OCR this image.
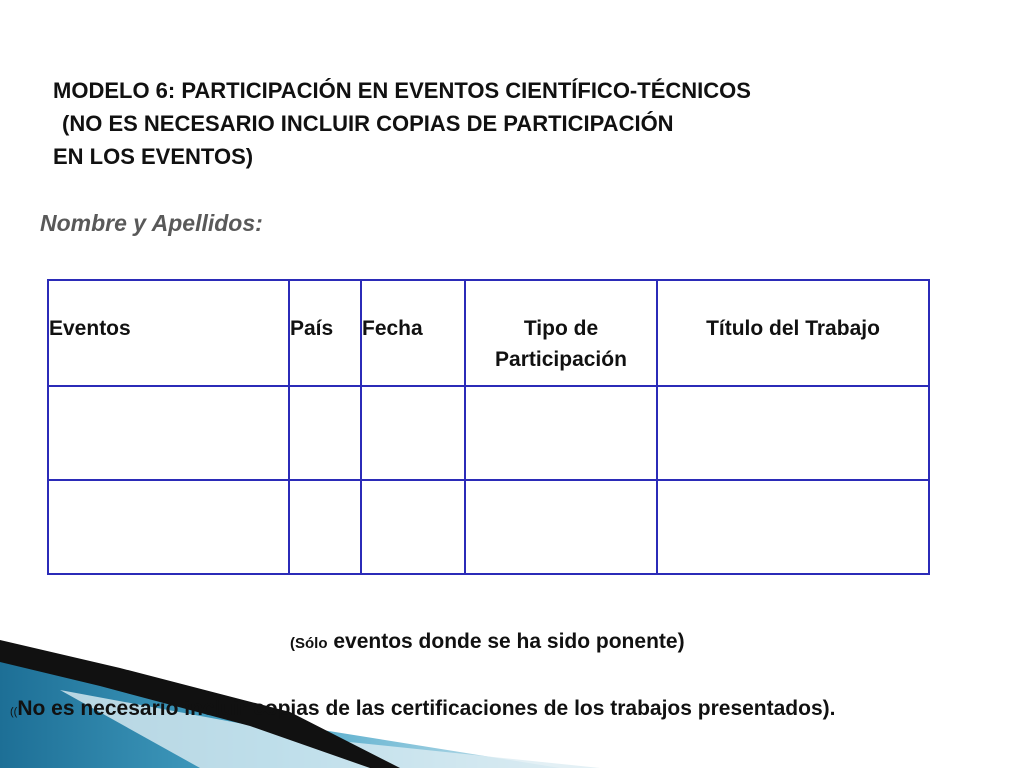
MODELO 6: PARTICIPACIÓN EN EVENTOS CIENTÍFICO-TÉCNICOS
(NO ES NECESARIO INCLUIR COPIAS DE PARTICIPACIÓN
EN LOS EVENTOS)
Nombre y Apellidos:
Eventos	País	Fecha	Tipo de Participación	Título del Trabajo

(Sólo eventos donde se ha sido ponente)
((No es necesario incluir copias de las certificaciones de los trabajos presentados).
